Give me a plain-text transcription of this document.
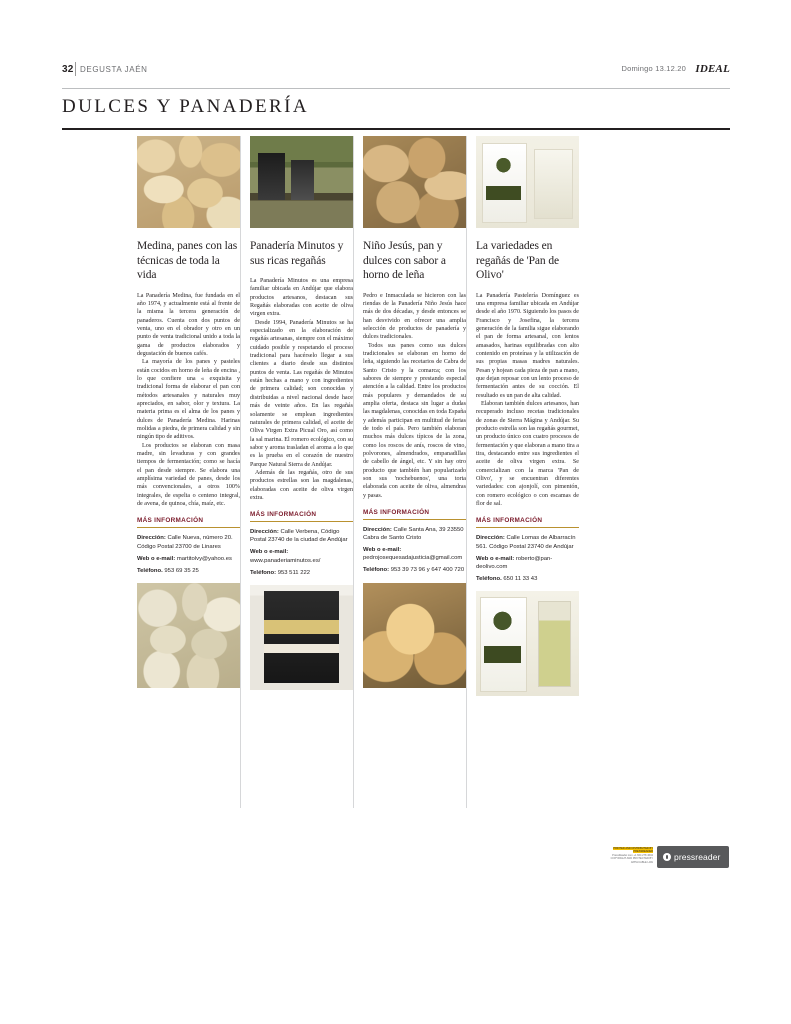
32 DEGUSTA JAÉN	Domingo 13.12.20 IDEAL
DULCES Y PANADERÍA
Medina, panes con las técnicas de toda la vida

La Panadería Medina, fue fundada en el año 1974, y actualmente está al frente de la misma la tercera generación de panaderos. Cuenta con dos puntos de venta, uno en el obrador y otro en un punto de venta tradicional unido a toda la gama de productos elaborados y degustación de buenos cafés.

La mayoría de los panes y pasteles están cocidos en horno de leña de encina , lo que confiere una « exquisita y tradicional forma de elaborar el pan con métodos artesanales y naturales muy apreciados, en sabor, olor y textura. La materia prima es el alma de los panes y dulces de Panadería Medina. Harinas molidas a piedra, de primera calidad y sin ningún tipo de aditivos.

Los productos se elaboran con masa madre, sin levaduras y con grandes tiempos de fermentación; como se hacía el pan desde siempre. Se elabora una amplísima variedad de panes, desde los más convencionales, a otros 100% integrales, de espelta o centeno integral, de avena, de quinoa, chía, maíz, etc.

MÁS INFORMACIÓN
Dirección: Calle Nueva, número 20. Código Postal 23700 de Linares
Web o e-mail: martitolvy@yahoo.es
Teléfono. 953 69 35 25
Panadería Minutos y sus ricas regañás

La Panadería Minutos es una empresa familiar ubicada en Andújar que elabora productos artesanos, destacan sus Regañás elaboradas con aceite de oliva virgen extra.

Desde 1994, Panadería Minutos se ha especializado en la elaboración de regañás artesanas, siempre con el máximo cuidado posible y respetando el proceso tradicional para hacérselo llegar a sus clientes a diario desde sus distintos puntos de venta. Las regañás de Minutos están hechas a mano y con ingredientes de primera calidad; son conocidas y distribuidas a nivel nacional desde hace más de veinte años. En las regañás solamente se emplean ingredientes naturales de primera calidad, el aceite de Oliva Virgen Extra Picual Oro, así como la sal marina. El romero ecológico, con su sabor y aroma trasladan el aroma a lo que es la prueba en el corazón de nuestro Parque Natural Sierra de Andújar.

Además de las regañás, otro de sus productos estrellas son las magdalenas, elaboradas con aceite de oliva virgen extra.

MÁS INFORMACIÓN
Dirección: Calle Verbena, Código Postal 23740 de la ciudad de Andújar
Web o e-mail: www.panaderiaminutos.es/
Teléfono: 953 511 222
Niño Jesús, pan y dulces con sabor a horno de leña

Pedro e Inmaculada se hicieron con las riendas de la Panadería Niño Jesús hace más de dos décadas, y desde entonces se han desvivido en ofrecer una amplia selección de productos de panadería y dulces tradicionales.

Todos sus panes como sus dulces tradicionales se elaboran en horno de leña, siguiendo las recetarios de Cabra de Santo Cristo y la comarca; con los sabores de siempre y prestando especial atención a la calidad. Entre los productos más populares y demandados de su amplia oferta, destaca sin lugar a dudas las magdalenas, conocidas en toda España y además participan en multitud de ferias de todo el país. Pero también elaboran muchos más dulces típicos de la zona, como los roscos de anís, roscos de vino, polvorones, almendrados, empanadillas de cabello de ángel, etc. Y sin hay otro producto que también han popularizado son sus 'nochebuenos', una torta elaborada con aceite de oliva, almendras y pasas.

MÁS INFORMACIÓN
Dirección: Calle Santa Ana, 39 23550 Cabra de Santo Cristo
Web o e-mail: pedrojosequesadajusticia@gmail.com
Teléfono: 953 39 73 96 y 647 400 720
La variedades en regañás de 'Pan de Olivo'

La Panadería Pastelería Domínguez es una empresa familiar ubicada en Andújar desde el año 1970. Siguiendo los pasos de Francisco y Josefina, la tercera generación de la familia sigue elaborando el pan de forma artesanal, con lentos amasados, harinas equilibradas con alto contenido en proteínas y la utilización de sus propias masas madres naturales. Pesan y hojean cada pieza de pan a mano, que dejan reposar con un lento proceso de fermentación antes de su cocción. El resultado es un pan de alta calidad.

Elaboran también dulces artesanos, han recuperado incluso recetas tradicionales de zonas de Sierra Mágina y Andújar. Su producto estrella son las regañás gourmet, un producto único con cuatro procesos de fermentación y que elaboran a mano tira a tira, destacando entre sus ingredientes el aceite de oliva virgen extra. Se comercializan con la marca 'Pan de Olivo', y se encuentran diferentes variedades: con ajonjolí, con pimentón, con romero ecológico o con escamas de flor de sal.

MÁS INFORMACIÓN
Dirección: Calle Lomas de Albarracín 561. Código Postal 23740 de Andújar
Web o e-mail: roberto@pan-deolivo.com
Teléfono. 650 11 33 43
PRINTED AND DISTRIBUTED BY PRESSREADER
PressReader.com +1 604 278 4604
COPYRIGHT AND PROTECTED BY APPLICABLE LAW
pressreader
